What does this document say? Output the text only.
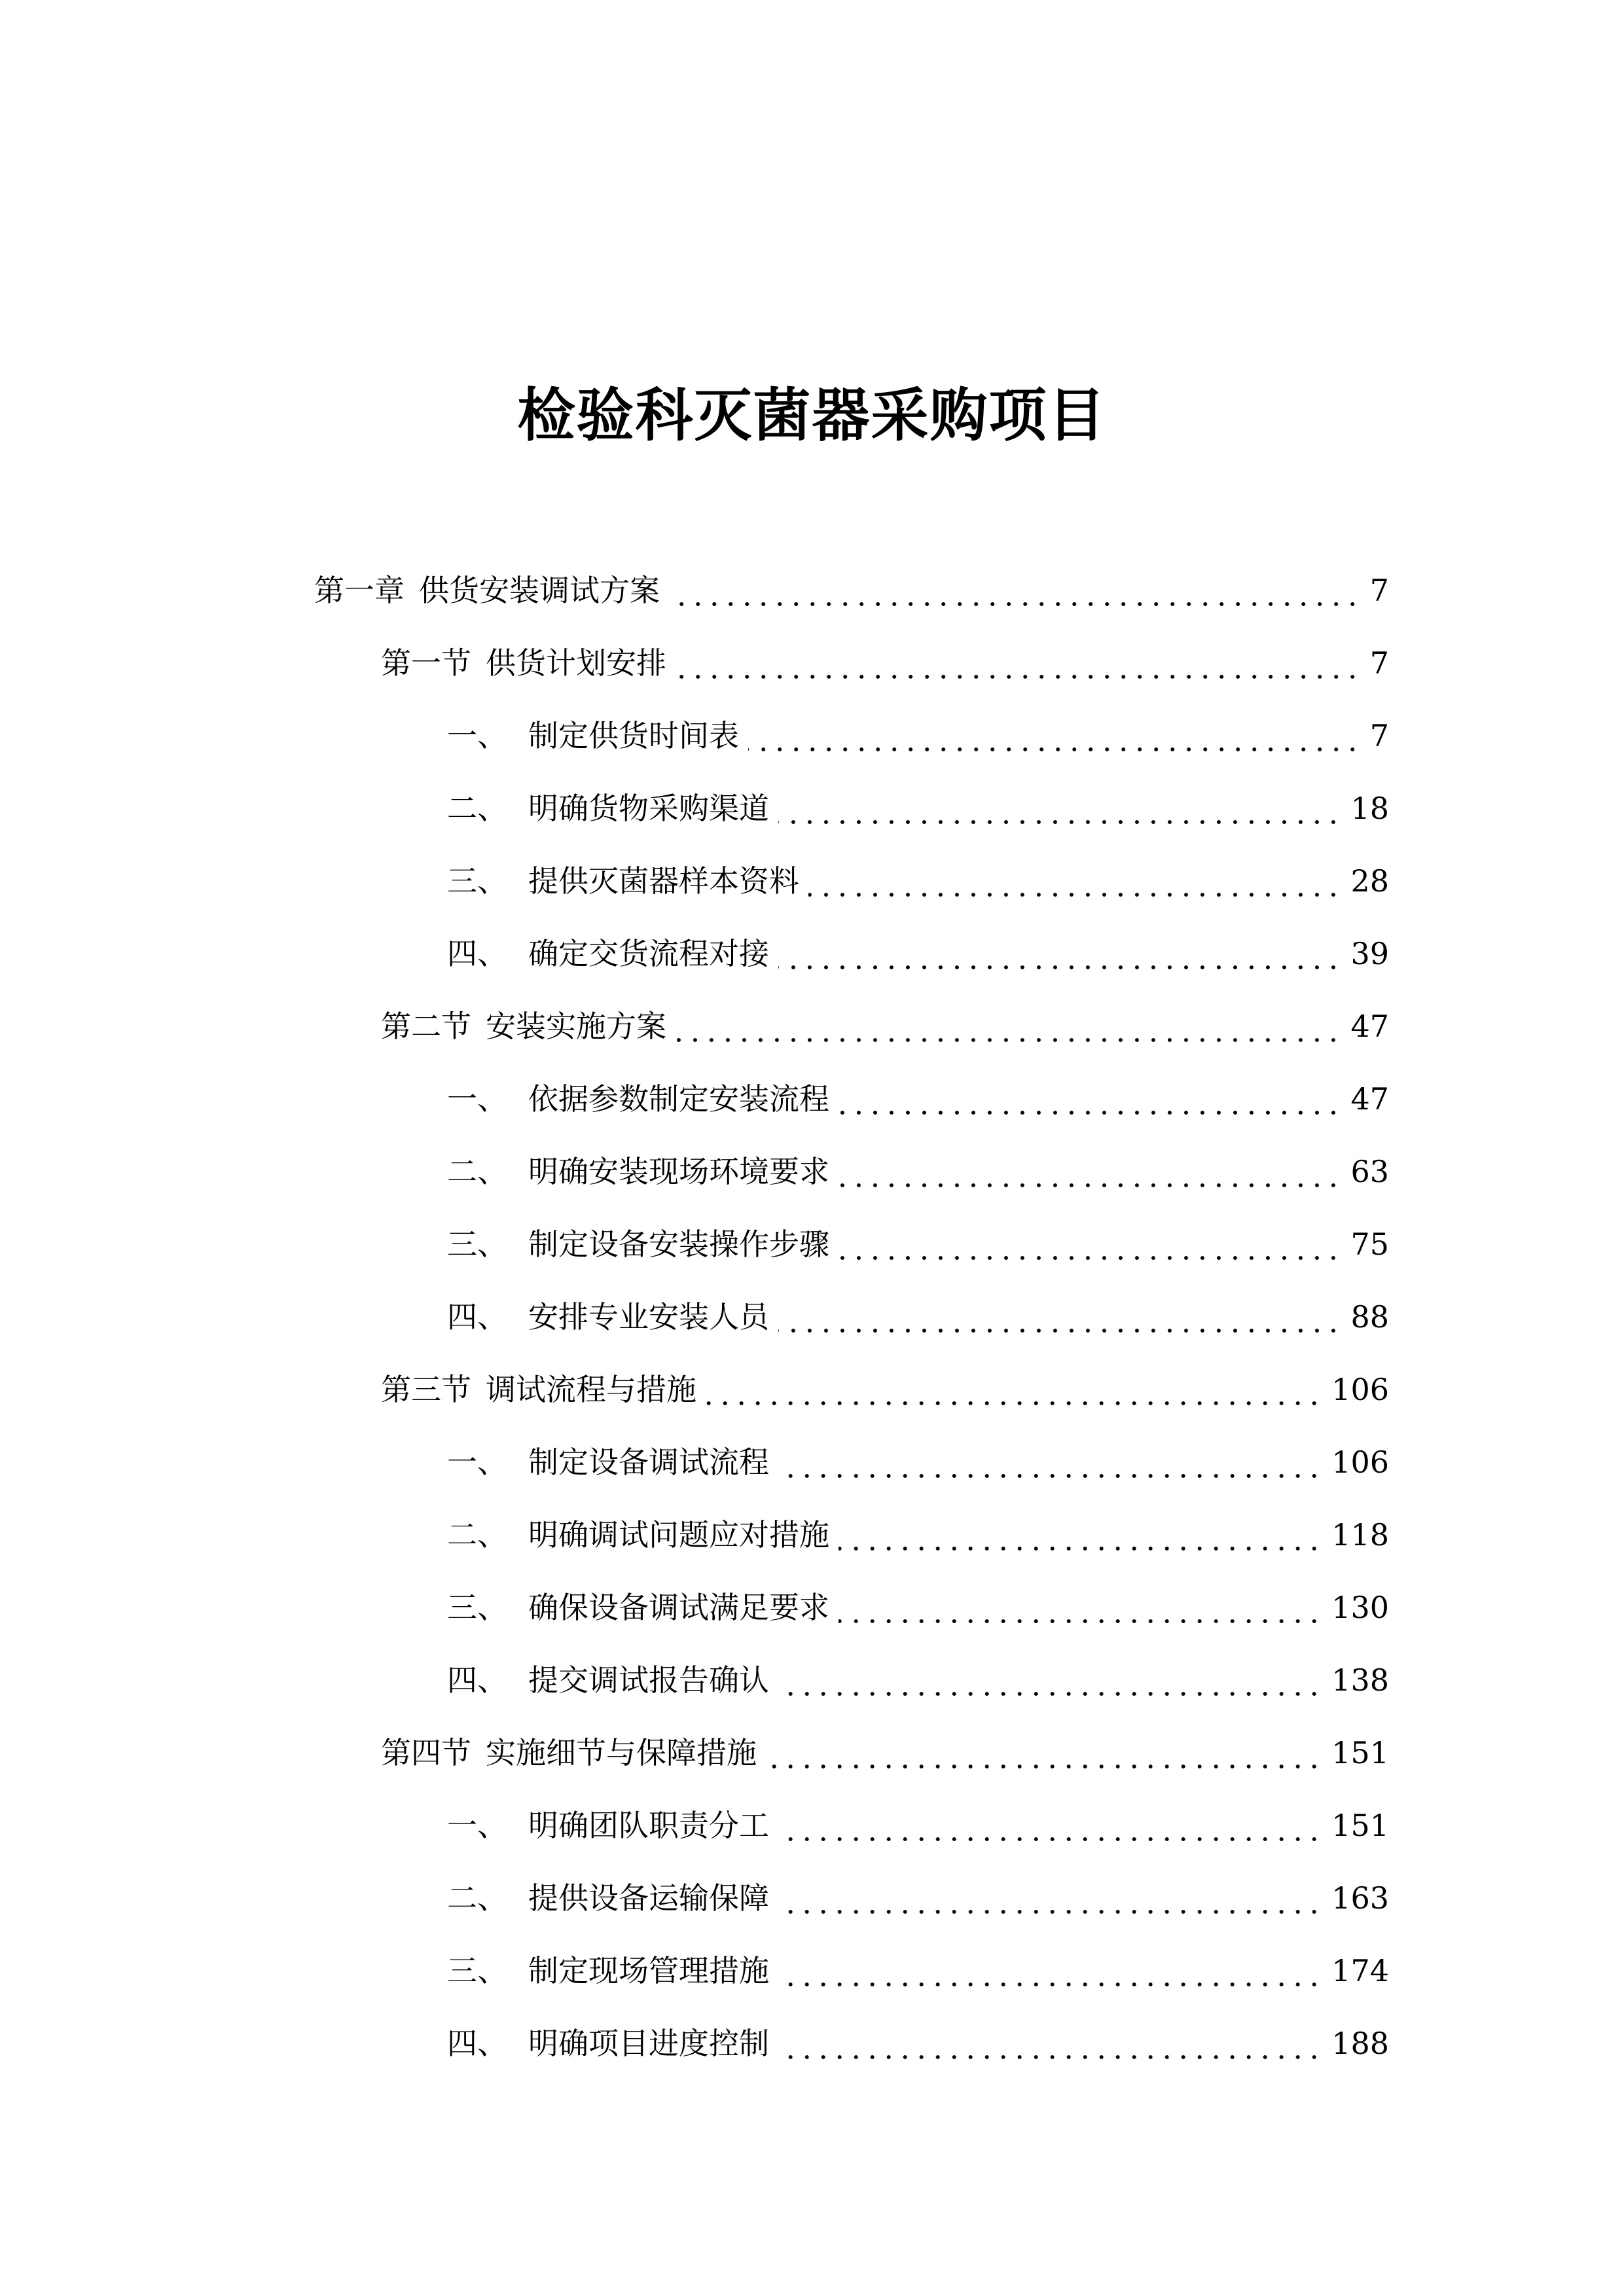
检验科灭菌器采购项目
第一章 供货安装调试方案	7
第一节 供货计划安排	7
一、 制定供货时间表	7
二、 明确货物采购渠道	18
三、 提供灭菌器样本资料	28
四、 确定交货流程对接	39
第二节 安装实施方案	47
一、 依据参数制定安装流程	47
二、 明确安装现场环境要求	63
三、 制定设备安装操作步骤	75
四、 安排专业安装人员	88
第三节 调试流程与措施	106
一、 制定设备调试流程	106
二、 明确调试问题应对措施	118
三、 确保设备调试满足要求	130
四、 提交调试报告确认	138
第四节 实施细节与保障措施	151
一、 明确团队职责分工	151
二、 提供设备运输保障	163
三、 制定现场管理措施	174
四、 明确项目进度控制	188
